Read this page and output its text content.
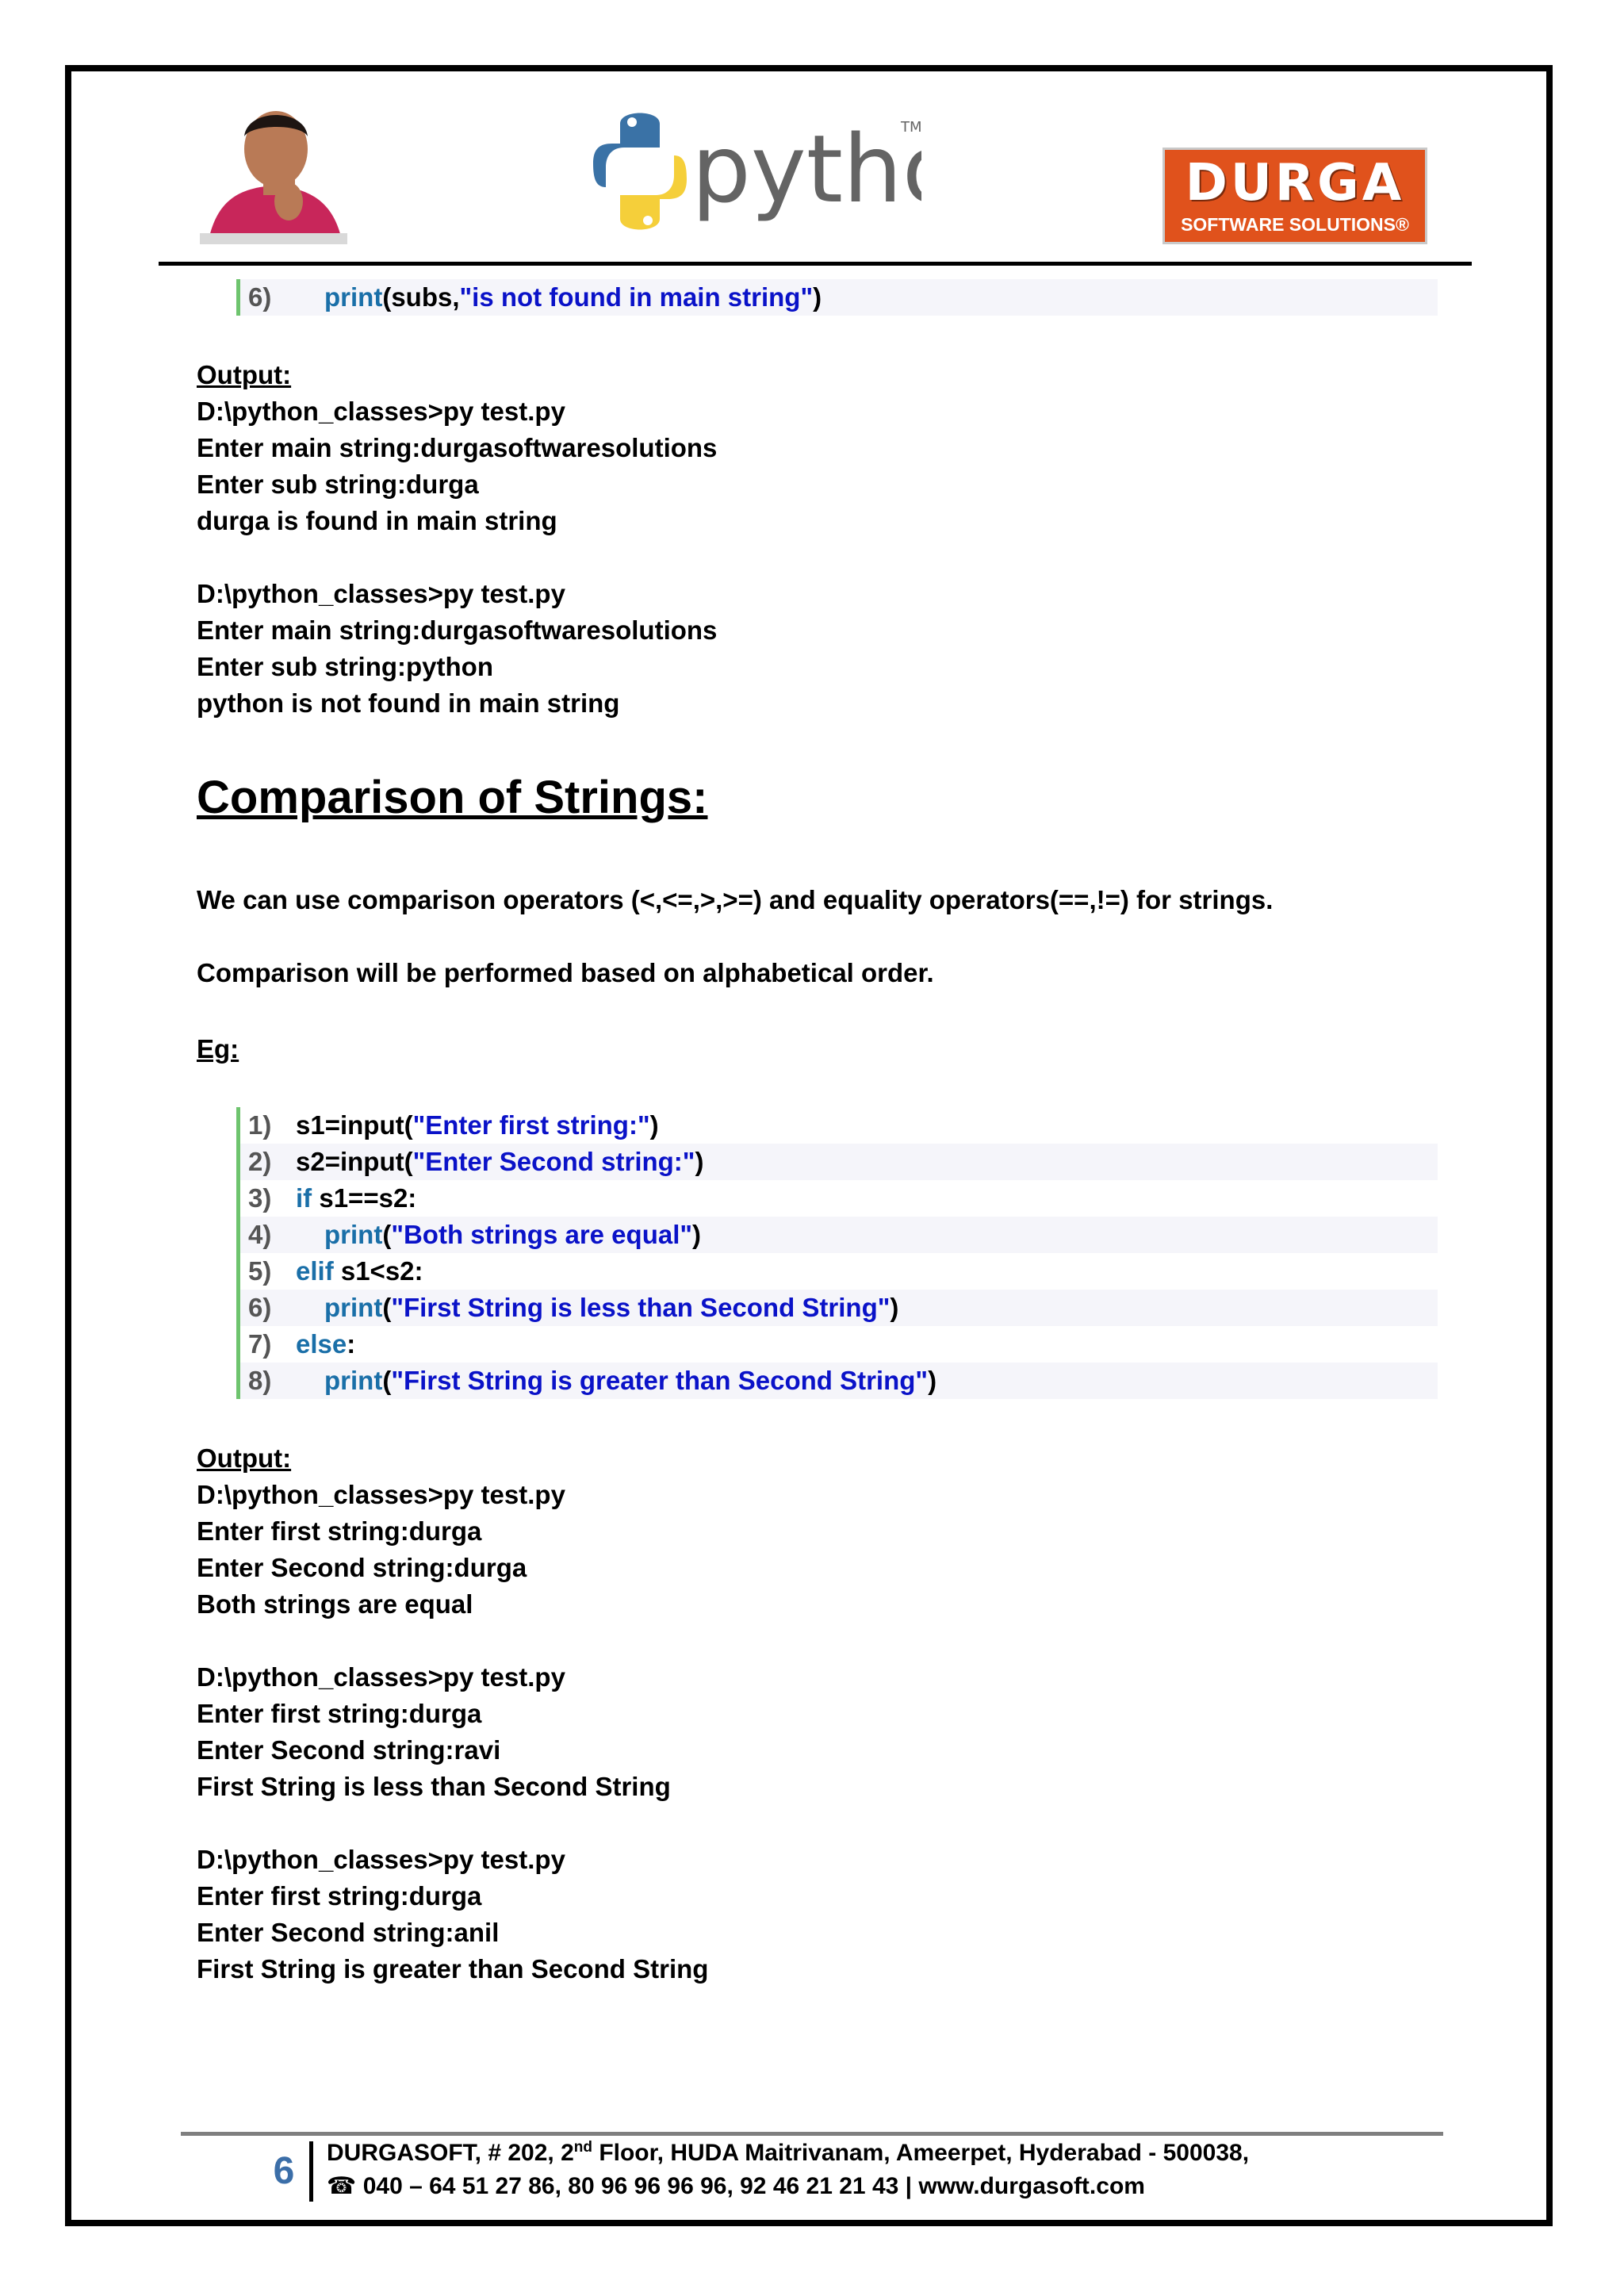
pyth
TM
DURGA
SOFTWARE SOLUTIONS®

6)

print(subs,"is not found in main string")

Output:
D:\python_classes>py test.py
Enter main string:durgasoftwaresolutions
Enter sub string:durga
durga is found in main string
D:\python_classes>py test.py
Enter main string:durgasoftwaresolutions
Enter sub string:python
python is not found in main string
Comparison of Strings:
We can use comparison operators (<,<=,>,>=) and equality operators(==,!=) for strings.
Comparison will be performed based on alphabetical order.
Eg:

1)

s1=input("Enter first string:")

2)

s2=input("Enter Second string:")

3)

if s1==s2:

4)

print("Both strings are equal")

5)

elif s1<s2:

6)

print("First String is less than Second String")

7)

else:

8)

print("First String is greater than Second String")

Output:
D:\python_classes>py test.py
Enter first string:durga
Enter Second string:durga
Both strings are equal
D:\python_classes>py test.py
Enter first string:durga
Enter Second string:ravi
First String is less than Second String
D:\python_classes>py test.py
Enter first string:durga
Enter Second string:anil
First String is greater than Second String
6	DURGASOFT, # 202, 2nd Floor, HUDA Maitrivanam, Ameerpet, Hyderabad - 500038,
☎ 040 – 64 51 27 86, 80 96 96 96 96, 92 46 21 21 43 | www.durgasoft.com
